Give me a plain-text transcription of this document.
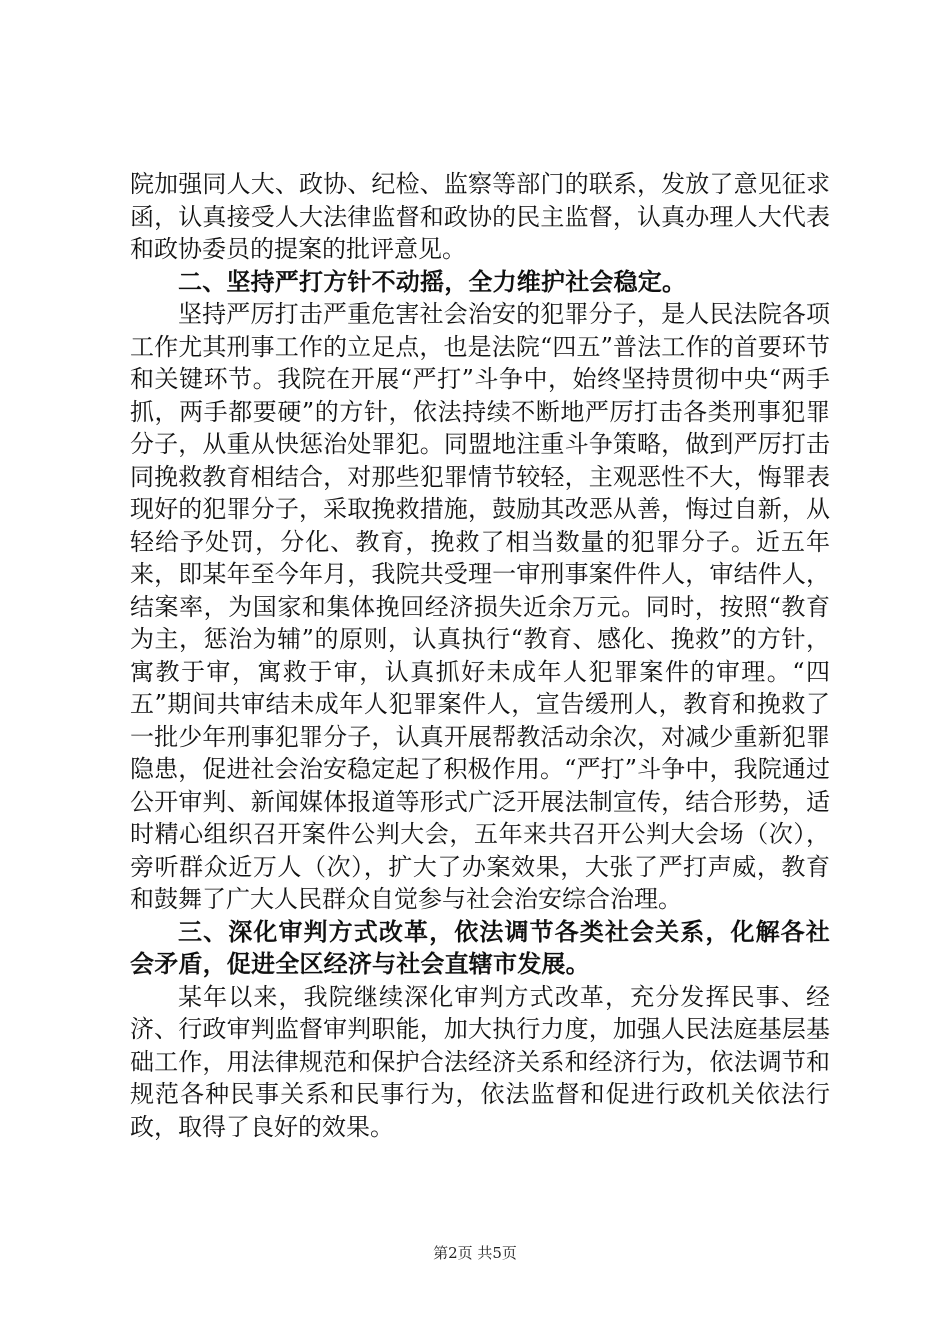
院加强同人大、政协、纪检、监察等部门的联系，发放了意见征求函，认真接受人大法律监督和政协的民主监督，认真办理人大代表和政协委员的提案的批评意见。

二、坚持严打方针不动摇，全力维护社会稳定。

坚持严厉打击严重危害社会治安的犯罪分子，是人民法院各项工作尤其刑事工作的立足点，也是法院“四五”普法工作的首要环节和关键环节。我院在开展“严打”斗争中，始终坚持贯彻中央“两手抓，两手都要硬”的方针，依法持续不断地严厉打击各类刑事犯罪分子，从重从快惩治处罪犯。同盟地注重斗争策略，做到严厉打击同挽救教育相结合，对那些犯罪情节较轻，主观恶性不大，悔罪表现好的犯罪分子，采取挽救措施，鼓励其改恶从善，悔过自新，从轻给予处罚，分化、教育，挽救了相当数量的犯罪分子。近五年来，即某年至今年月，我院共受理一审刑事案件件人，审结件人，结案率，为国家和集体挽回经济损失近余万元。同时，按照“教育为主，惩治为辅”的原则，认真执行“教育、感化、挽救”的方针，寓教于审，寓救于审，认真抓好未成年人犯罪案件的审理。“四五”期间共审结未成年人犯罪案件人，宣告缓刑人，教育和挽救了一批少年刑事犯罪分子，认真开展帮教活动余次，对减少重新犯罪隐患，促进社会治安稳定起了积极作用。“严打”斗争中，我院通过公开审判、新闻媒体报道等形式广泛开展法制宣传，结合形势，适时精心组织召开案件公判大会，五年来共召开公判大会场（次），旁听群众近万人（次），扩大了办案效果，大张了严打声威，教育和鼓舞了广大人民群众自觉参与社会治安综合治理。

三、深化审判方式改革，依法调节各类社会关系，化解各社会矛盾，促进全区经济与社会直辖市发展。

某年以来，我院继续深化审判方式改革，充分发挥民事、经济、行政审判监督审判职能，加大执行力度，加强人民法庭基层基础工作，用法律规范和保护合法经济关系和经济行为，依法调节和规范各种民事关系和民事行为，依法监督和促进行政机关依法行政，取得了良好的效果。

第2页 共5页
